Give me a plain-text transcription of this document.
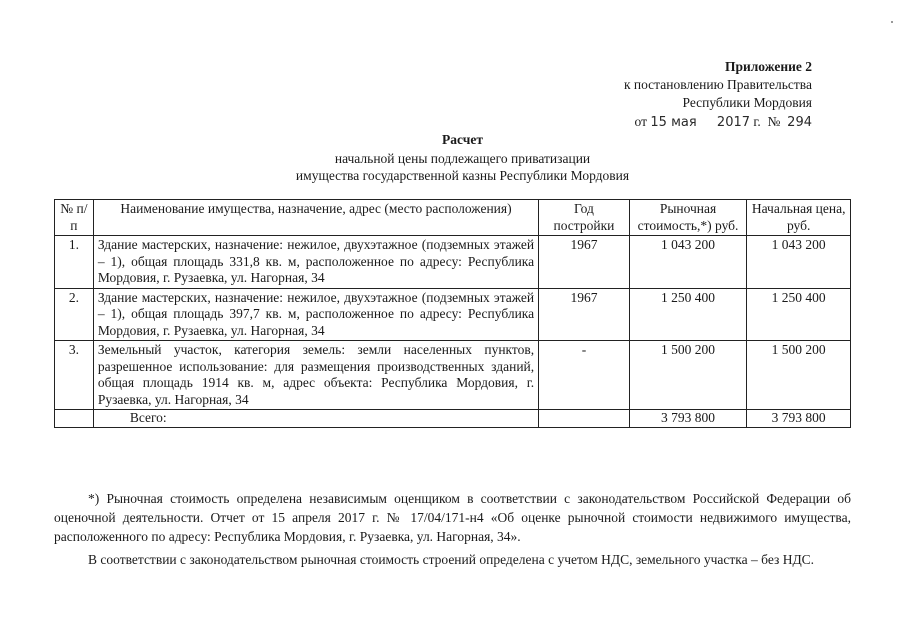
Приложение 2
к постановлению Правительства
Республики Мордовия
от 15 мая 2017 г. № 294
Расчет
начальной цены подлежащего приватизации
имущества государственной казны Республики Мордовия
№ п/п	Наименование имущества, назначение, адрес (место расположения)	Год постройки	Рыночная стоимость,*) руб.	Начальная цена, руб.
1.	Здание мастерских, назначение: нежилое, двухэтажное (подземных этажей – 1), общая площадь 331,8 кв. м, расположенное по адресу: Республика Мордовия, г. Рузаевка, ул. Нагорная, 34	1967	1 043 200	1 043 200
2.	Здание мастерских, назначение: нежилое, двухэтажное (подземных этажей – 1), общая площадь 397,7 кв. м, расположенное по адресу: Республика Мордовия, г. Рузаевка, ул. Нагорная, 34	1967	1 250 400	1 250 400
3.	Земельный участок, категория земель: земли населенных пунктов, разрешенное использование: для размещения производственных зданий, общая площадь 1914 кв. м, адрес объекта: Республика Мордовия, г. Рузаевка, ул. Нагорная, 34	-	1 500 200	1 500 200
	Всего:		3 793 800	3 793 800

*) Рыночная стоимость определена независимым оценщиком в соответствии с законодательством Российской Федерации об оценочной деятельности. Отчет от 15 апреля 2017 г. № 17/04/171-н4 «Об оценке рыночной стоимости недвижимого имущества, расположенного по адресу: Республика Мордовия, г. Рузаевка, ул. Нагорная, 34».

В соответствии с законодательством рыночная стоимость строений определена с учетом НДС, земельного участка – без НДС.
